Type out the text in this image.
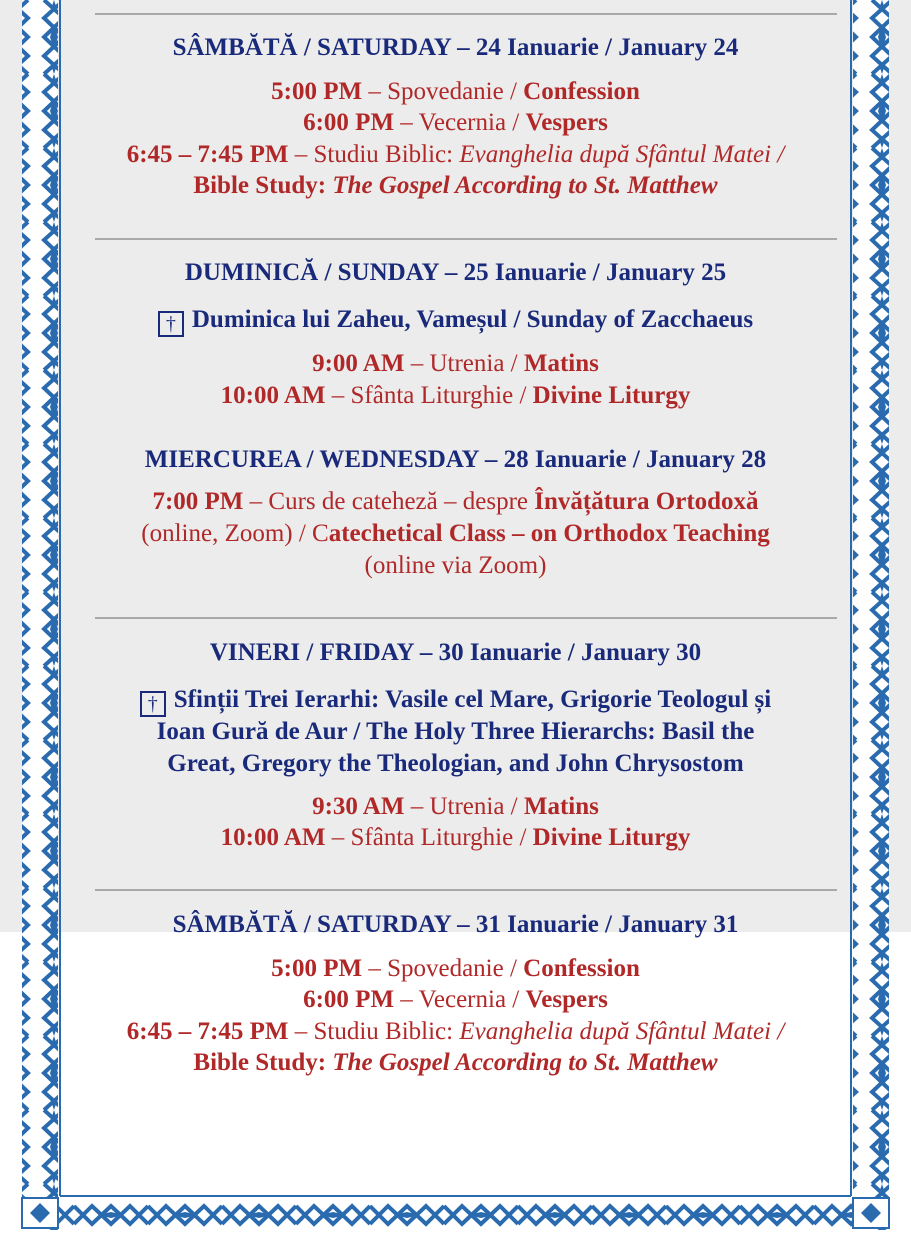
SÂMBĂTĂ / SATURDAY – 24 Ianuarie / January 24
5:00 PM – Spovedanie / Confession
6:00 PM – Vecernia / Vespers
6:45 – 7:45 PM – Studiu Biblic: Evanghelia după Sfântul Matei /
Bible Study: The Gospel According to St. Matthew
DUMINICĂ / SUNDAY – 25 Ianuarie / January 25
† Duminica lui Zaheu, Vameșul / Sunday of Zacchaeus
9:00 AM – Utrenia / Matins
10:00 AM – Sfânta Liturghie / Divine Liturgy
MIERCUREA / WEDNESDAY – 28 Ianuarie / January 28
7:00 PM – Curs de cateheză – despre Învățătura Ortodoxă
(online, Zoom) / Catechetical Class – on Orthodox Teaching
(online via Zoom)
VINERI / FRIDAY – 30 Ianuarie / January 30
† Sfinții Trei Ierarhi: Vasile cel Mare, Grigorie Teologul și
Ioan Gură de Aur / The Holy Three Hierarchs: Basil the
Great, Gregory the Theologian, and John Chrysostom
9:30 AM – Utrenia / Matins
10:00 AM – Sfânta Liturghie / Divine Liturgy
SÂMBĂTĂ / SATURDAY – 31 Ianuarie / January 31
5:00 PM – Spovedanie / Confession
6:00 PM – Vecernia / Vespers
6:45 – 7:45 PM – Studiu Biblic: Evanghelia după Sfântul Matei /
Bible Study: The Gospel According to St. Matthew
